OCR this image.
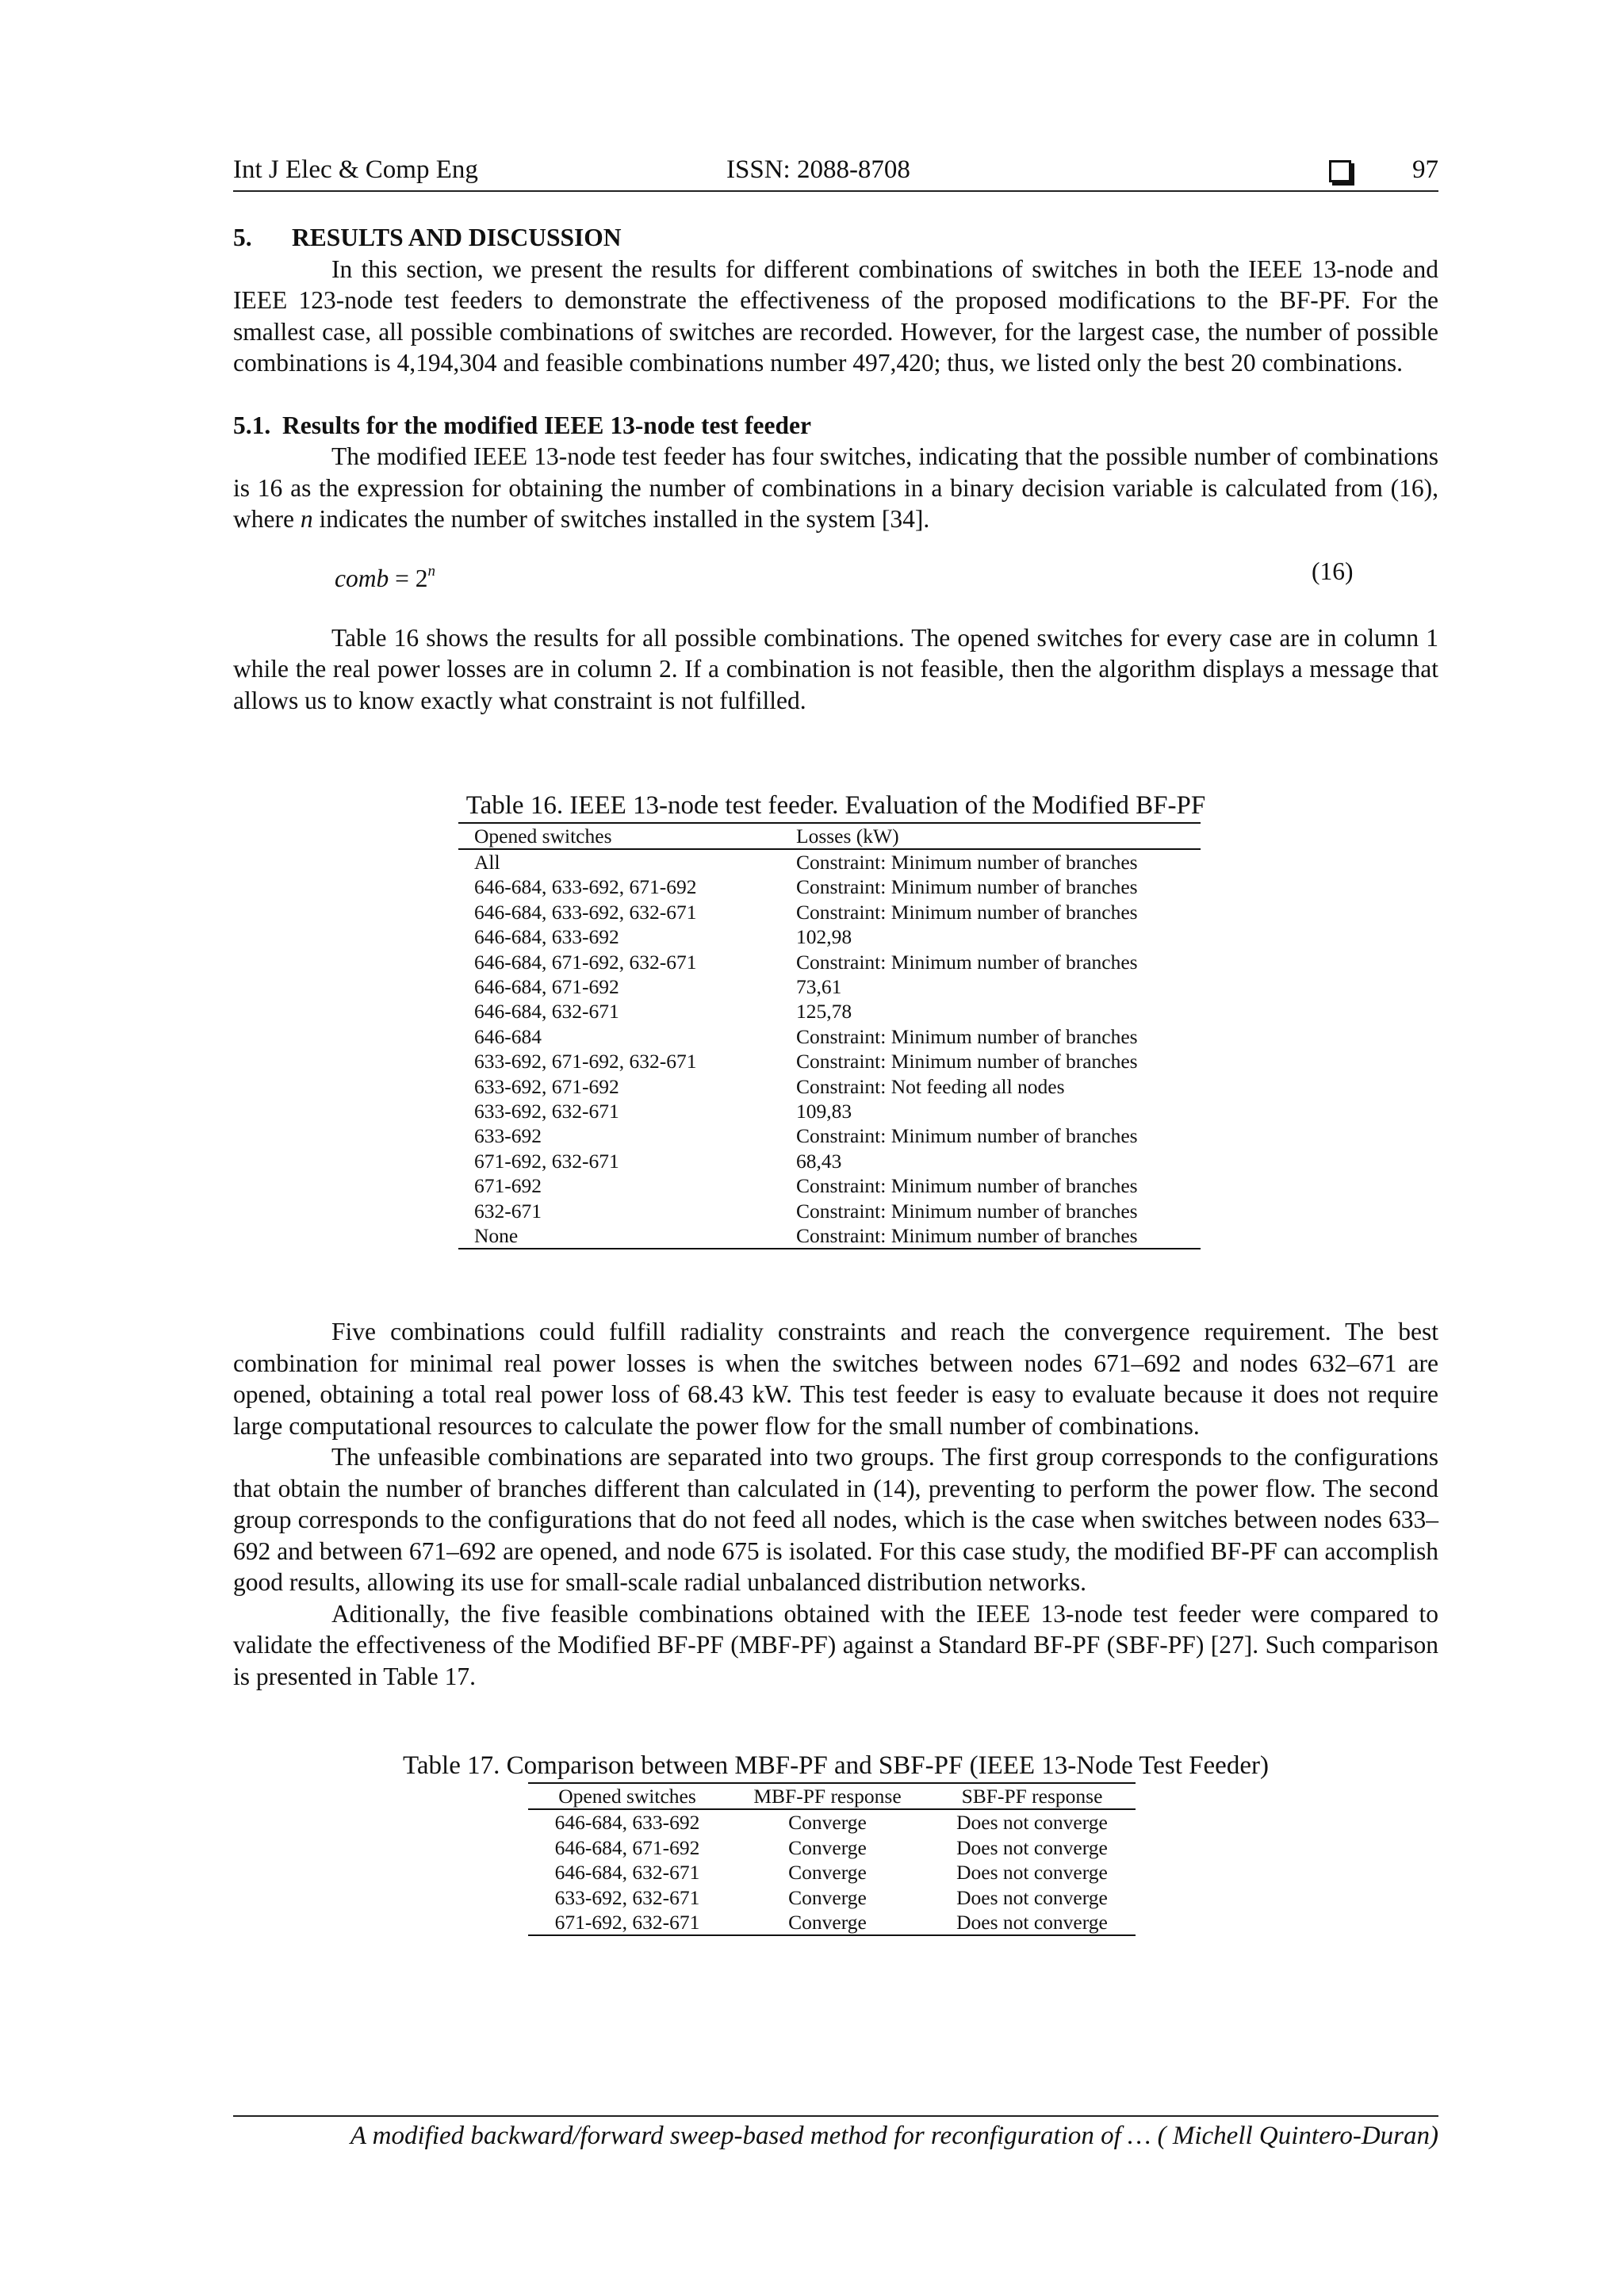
Int J Elec & Comp Eng	ISSN: 2088-8708	97
5. RESULTS AND DISCUSSION

In this section, we present the results for different combinations of switches in both the IEEE 13-node and IEEE 123-node test feeders to demonstrate the effectiveness of the proposed modifications to the BF-PF. For the smallest case, all possible combinations of switches are recorded. However, for the largest case, the number of possible combinations is 4,194,304 and feasible combinations number 497,420; thus, we listed only the best 20 combinations.

5.1. Results for the modified IEEE 13-node test feeder

The modified IEEE 13-node test feeder has four switches, indicating that the possible number of combinations is 16 as the expression for obtaining the number of combinations in a binary decision variable is calculated from (16), where n indicates the number of switches installed in the system [34].

comb = $2^n$	(16)

Table 16 shows the results for all possible combinations. The opened switches for every case are in column 1 while the real power losses are in column 2. If a combination is not feasible, then the algorithm displays a message that allows us to know exactly what constraint is not fulfilled.

Table 16. IEEE 13-node test feeder. Evaluation of the Modified BF-PF

Opened switches	Losses (kW)
All	Constraint: Minimum number of branches
646-684, 633-692, 671-692	Constraint: Minimum number of branches
646-684, 633-692, 632-671	Constraint: Minimum number of branches
646-684, 633-692	102,98
646-684, 671-692, 632-671	Constraint: Minimum number of branches
646-684, 671-692	73,61
646-684, 632-671	125,78
646-684	Constraint: Minimum number of branches
633-692, 671-692, 632-671	Constraint: Minimum number of branches
633-692, 671-692	Constraint: Not feeding all nodes
633-692, 632-671	109,83
633-692	Constraint: Minimum number of branches
671-692, 632-671	68,43
671-692	Constraint: Minimum number of branches
632-671	Constraint: Minimum number of branches
None	Constraint: Minimum number of branches

Five combinations could fulfill radiality constraints and reach the convergence requirement. The best combination for minimal real power losses is when the switches between nodes 671–692 and nodes 632–671 are opened, obtaining a total real power loss of 68.43 kW. This test feeder is easy to evaluate because it does not require large computational resources to calculate the power flow for the small number of combinations.

The unfeasible combinations are separated into two groups. The first group corresponds to the configurations that obtain the number of branches different than calculated in (14), preventing to perform the power flow. The second group corresponds to the configurations that do not feed all nodes, which is the case when switches between nodes 633–692 and between 671–692 are opened, and node 675 is isolated. For this case study, the modified BF-PF can accomplish good results, allowing its use for small-scale radial unbalanced distribution networks.

Aditionally, the five feasible combinations obtained with the IEEE 13-node test feeder were compared to validate the effectiveness of the Modified BF-PF (MBF-PF) against a Standard BF-PF (SBF-PF) [27]. Such comparison is presented in Table 17.

Table 17. Comparison between MBF-PF and SBF-PF (IEEE 13-Node Test Feeder)

Opened switches	MBF-PF response	SBF-PF response
646-684, 633-692	Converge	Does not converge
646-684, 671-692	Converge	Does not converge
646-684, 632-671	Converge	Does not converge
633-692, 632-671	Converge	Does not converge
671-692, 632-671	Converge	Does not converge
A modified backward/forward sweep-based method for reconfiguration of … ( Michell Quintero-Duran)
